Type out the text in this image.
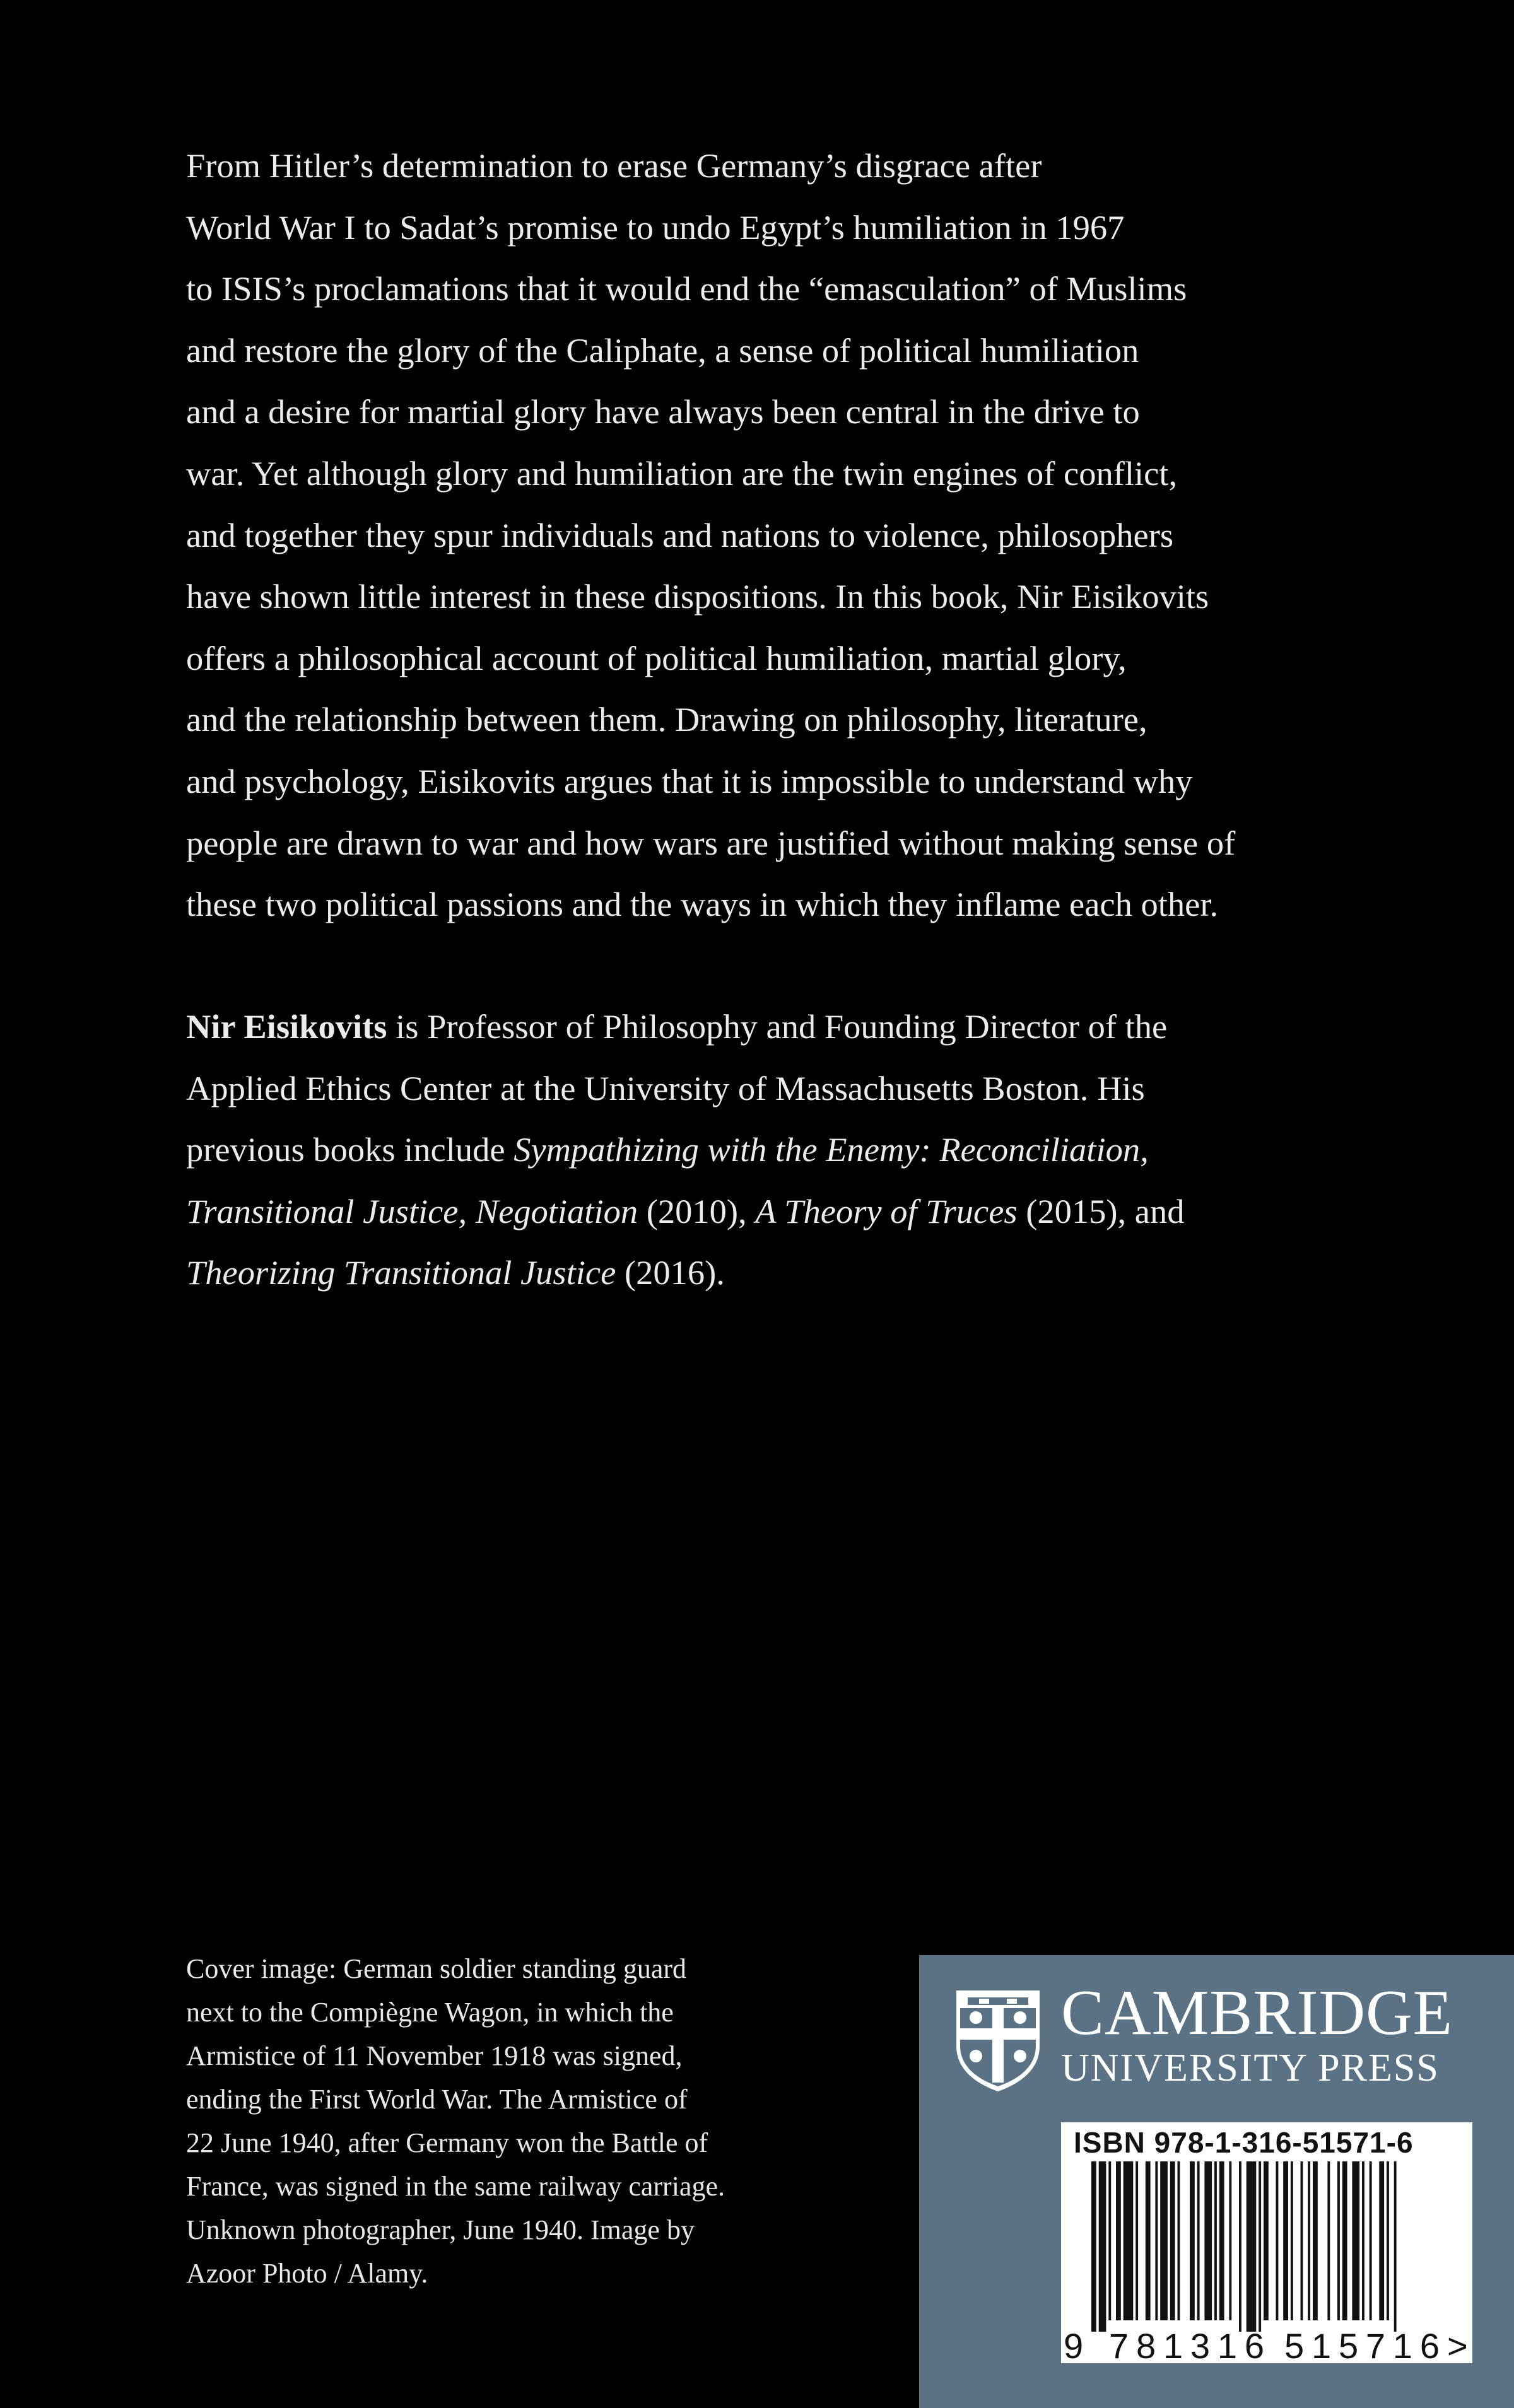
From Hitler’s determination to erase Germany’s disgrace after
World War I to Sadat’s promise to undo Egypt’s humiliation in 1967
to ISIS’s proclamations that it would end the “emasculation” of Muslims
and restore the glory of the Caliphate, a sense of political humiliation
and a desire for martial glory have always been central in the drive to
war. Yet although glory and humiliation are the twin engines of conflict,
and together they spur individuals and nations to violence, philosophers
have shown little interest in these dispositions. In this book, Nir Eisikovits
offers a philosophical account of political humiliation, martial glory,
and the relationship between them. Drawing on philosophy, literature,
and psychology, Eisikovits argues that it is impossible to understand why
people are drawn to war and how wars are justified without making sense of
these two political passions and the ways in which they inflame each other.
Nir Eisikovits is Professor of Philosophy and Founding Director of the
Applied Ethics Center at the University of Massachusetts Boston. His
previous books include Sympathizing with the Enemy: Reconciliation,
Transitional Justice, Negotiation (2010), A Theory of Truces (2015), and
Theorizing Transitional Justice (2016).
Cover image: German soldier standing guard
next to the Compiègne Wagon, in which the
Armistice of 11 November 1918 was signed,
ending the First World War. The Armistice of
22 June 1940, after Germany won the Battle of
France, was signed in the same railway carriage.
Unknown photographer, June 1940. Image by
Azoor Photo / Alamy.
CAMBRIDGE
UNIVERSITY PRESS
ISBN 978-1-316-51571-6
9 781316 515716 >
